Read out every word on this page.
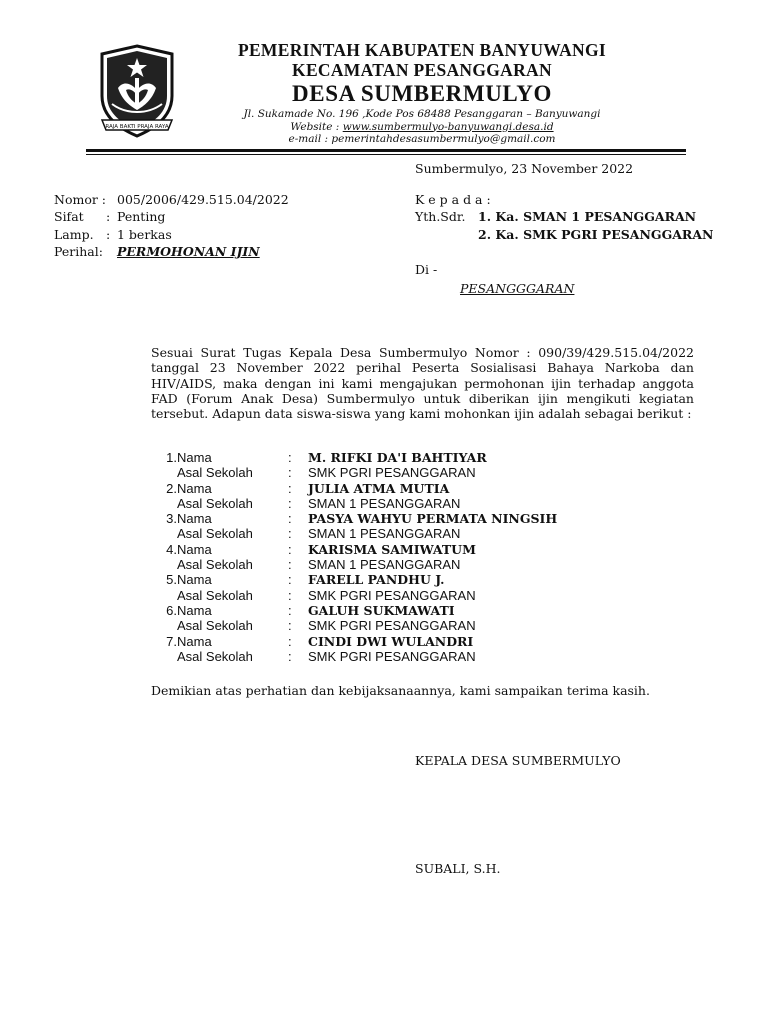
RAJA BAKTI PRAJA RAYA
PEMERINTAH KABUPATEN BANYUWANGI
KECAMATAN PESANGGARAN
DESA SUMBERMULYO
Jl. Sukamade No. 196 ,Kode Pos 68488 Pesanggaran – Banyuwangi
Website : www.sumbermulyo-banyuwangi.desa.id
e-mail : pemerintahdesasumbermulyo@gmail.com
Sumbermulyo, 23 November 2022
Nomor : 005/2006/429.515.04/2022
Sifat : Penting
Lamp. : 1 berkas
Perihal: PERMOHONAN IJIN
K e p a d a :
Yth.Sdr. 1. Ka. SMAN 1 PESANGGARAN
2. Ka. SMK PGRI PESANGGARAN
Di -
PESANGGGARAN
Sesuai Surat Tugas Kepala Desa Sumbermulyo Nomor : 090/39/429.515.04/2022 tanggal 23 November 2022 perihal Peserta Sosialisasi Bahaya Narkoba dan HIV/AIDS, maka dengan ini kami mengajukan permohonan ijin terhadap anggota FAD (Forum Anak Desa) Sumbermulyo untuk diberikan ijin mengikuti kegiatan tersebut. Adapun data siswa-siswa yang kami mohonkan ijin adalah sebagai berikut :
1. Nama	: M. RIFKI DA'I BAHTIYAR
Asal Sekolah	: SMK PGRI PESANGGARAN
2. Nama	: JULIA ATMA MUTIA
Asal Sekolah	: SMAN 1 PESANGGARAN
3. Nama	: PASYA WAHYU PERMATA NINGSIH
Asal Sekolah	: SMAN 1 PESANGGARAN
4. Nama	: KARISMA SAMIWATUM
Asal Sekolah	: SMAN 1 PESANGGARAN
5. Nama	: FARELL PANDHU J.
Asal Sekolah	: SMK PGRI PESANGGARAN
6. Nama	: GALUH SUKMAWATI
Asal Sekolah	: SMK PGRI PESANGGARAN
7. Nama	: CINDI DWI WULANDRI
Asal Sekolah	: SMK PGRI PESANGGARAN
Demikian atas perhatian dan kebijaksanaannya, kami sampaikan terima kasih.
KEPALA DESA SUMBERMULYO
SUBALI, S.H.
